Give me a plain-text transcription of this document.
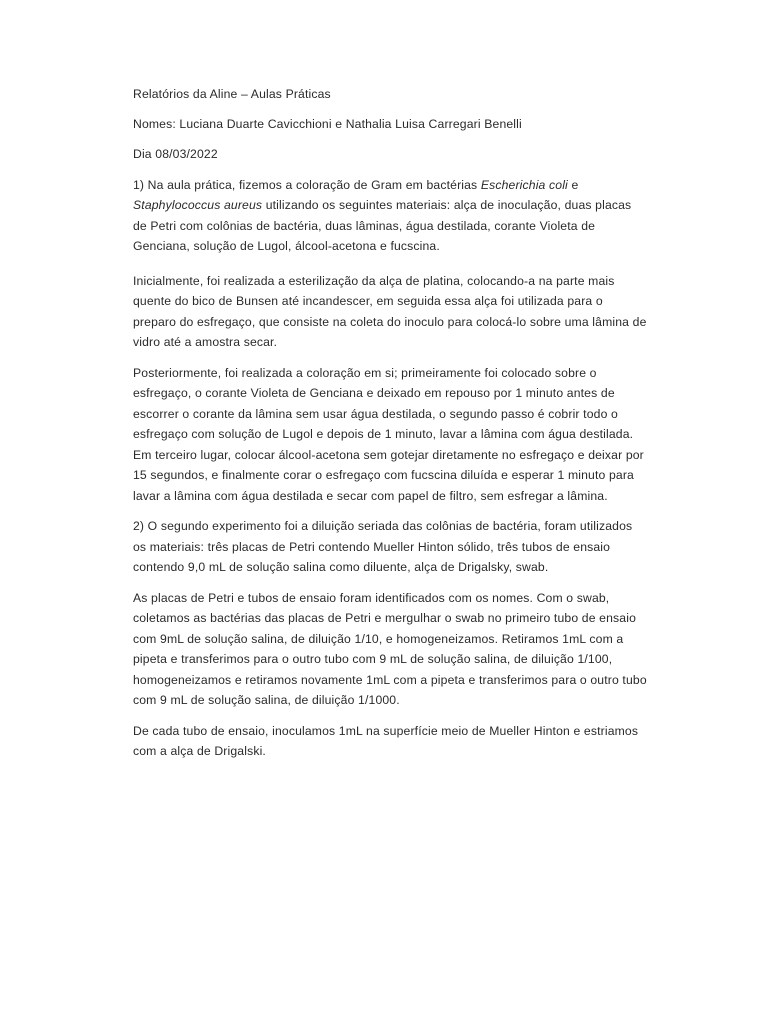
Relatórios da Aline – Aulas Práticas

Nomes: Luciana Duarte Cavicchioni e Nathalia Luisa Carregari Benelli

Dia 08/03/2022

1) Na aula prática, fizemos a coloração de Gram em bactérias Escherichia coli e Staphylococcus aureus utilizando os seguintes materiais: alça de inoculação, duas placas de Petri com colônias de bactéria, duas lâminas, água destilada, corante Violeta de Genciana, solução de Lugol, álcool-acetona e fucscina.

Inicialmente, foi realizada a esterilização da alça de platina, colocando-a na parte mais quente do bico de Bunsen até incandescer, em seguida essa alça foi utilizada para o preparo do esfregaço, que consiste na coleta do inoculo para colocá-lo sobre uma lâmina de vidro até a amostra secar.

Posteriormente, foi realizada a coloração em si; primeiramente foi colocado sobre o esfregaço, o corante Violeta de Genciana e deixado em repouso por 1 minuto antes de escorrer o corante da lâmina sem usar água destilada, o segundo passo é cobrir todo o esfregaço com solução de Lugol e depois de 1 minuto, lavar a lâmina com água destilada. Em terceiro lugar, colocar álcool-acetona sem gotejar diretamente no esfregaço e deixar por 15 segundos, e finalmente corar o esfregaço com fucscina diluída e esperar 1 minuto para lavar a lâmina com água destilada e secar com papel de filtro, sem esfregar a lâmina.

2) O segundo experimento foi a diluição seriada das colônias de bactéria, foram utilizados os materiais: três placas de Petri contendo Mueller Hinton sólido, três tubos de ensaio contendo 9,0 mL de solução salina como diluente, alça de Drigalsky, swab.

As placas de Petri e tubos de ensaio foram identificados com os nomes. Com o swab, coletamos as bactérias das placas de Petri e mergulhar o swab no primeiro tubo de ensaio com 9mL de solução salina, de diluição 1/10, e homogeneizamos. Retiramos 1mL com a pipeta e transferimos para o outro tubo com 9 mL de solução salina, de diluição 1/100, homogeneizamos e retiramos novamente 1mL com a pipeta e transferimos para o outro tubo com 9 mL de solução salina, de diluição 1/1000.

De cada tubo de ensaio, inoculamos 1mL na superfície meio de Mueller Hinton e estriamos com a alça de Drigalski.
